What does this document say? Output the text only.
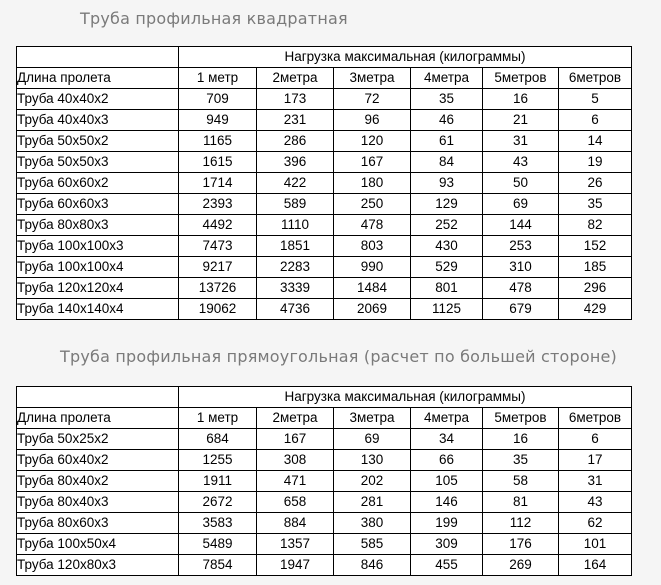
Труба профильная квадратная
	Нагрузка максимальная (килограммы)					
Длина пролета	1 метр	2метра	3метра	4метра	5метров	6метров
Труба 40х40х2	709	173	72	35	16	5
Труба 40х40х3	949	231	96	46	21	6
Труба 50х50х2	1165	286	120	61	31	14
Труба 50х50х3	1615	396	167	84	43	19
Труба 60х60х2	1714	422	180	93	50	26
Труба 60х60х3	2393	589	250	129	69	35
Труба 80х80х3	4492	1110	478	252	144	82
Труба 100х100х3	7473	1851	803	430	253	152
Труба 100х100х4	9217	2283	990	529	310	185
Труба 120х120х4	13726	3339	1484	801	478	296
Труба 140х140х4	19062	4736	2069	1125	679	429
Труба профильная прямоугольная (расчет по большей стороне)
	Нагрузка максимальная (килограммы)					
Длина пролета	1 метр	2метра	3метра	4метра	5метров	6метров
Труба 50х25х2	684	167	69	34	16	6
Труба 60х40х2	1255	308	130	66	35	17
Труба 80х40х2	1911	471	202	105	58	31
Труба 80х40х3	2672	658	281	146	81	43
Труба 80х60х3	3583	884	380	199	112	62
Труба 100х50х4	5489	1357	585	309	176	101
Труба 120х80х3	7854	1947	846	455	269	164
